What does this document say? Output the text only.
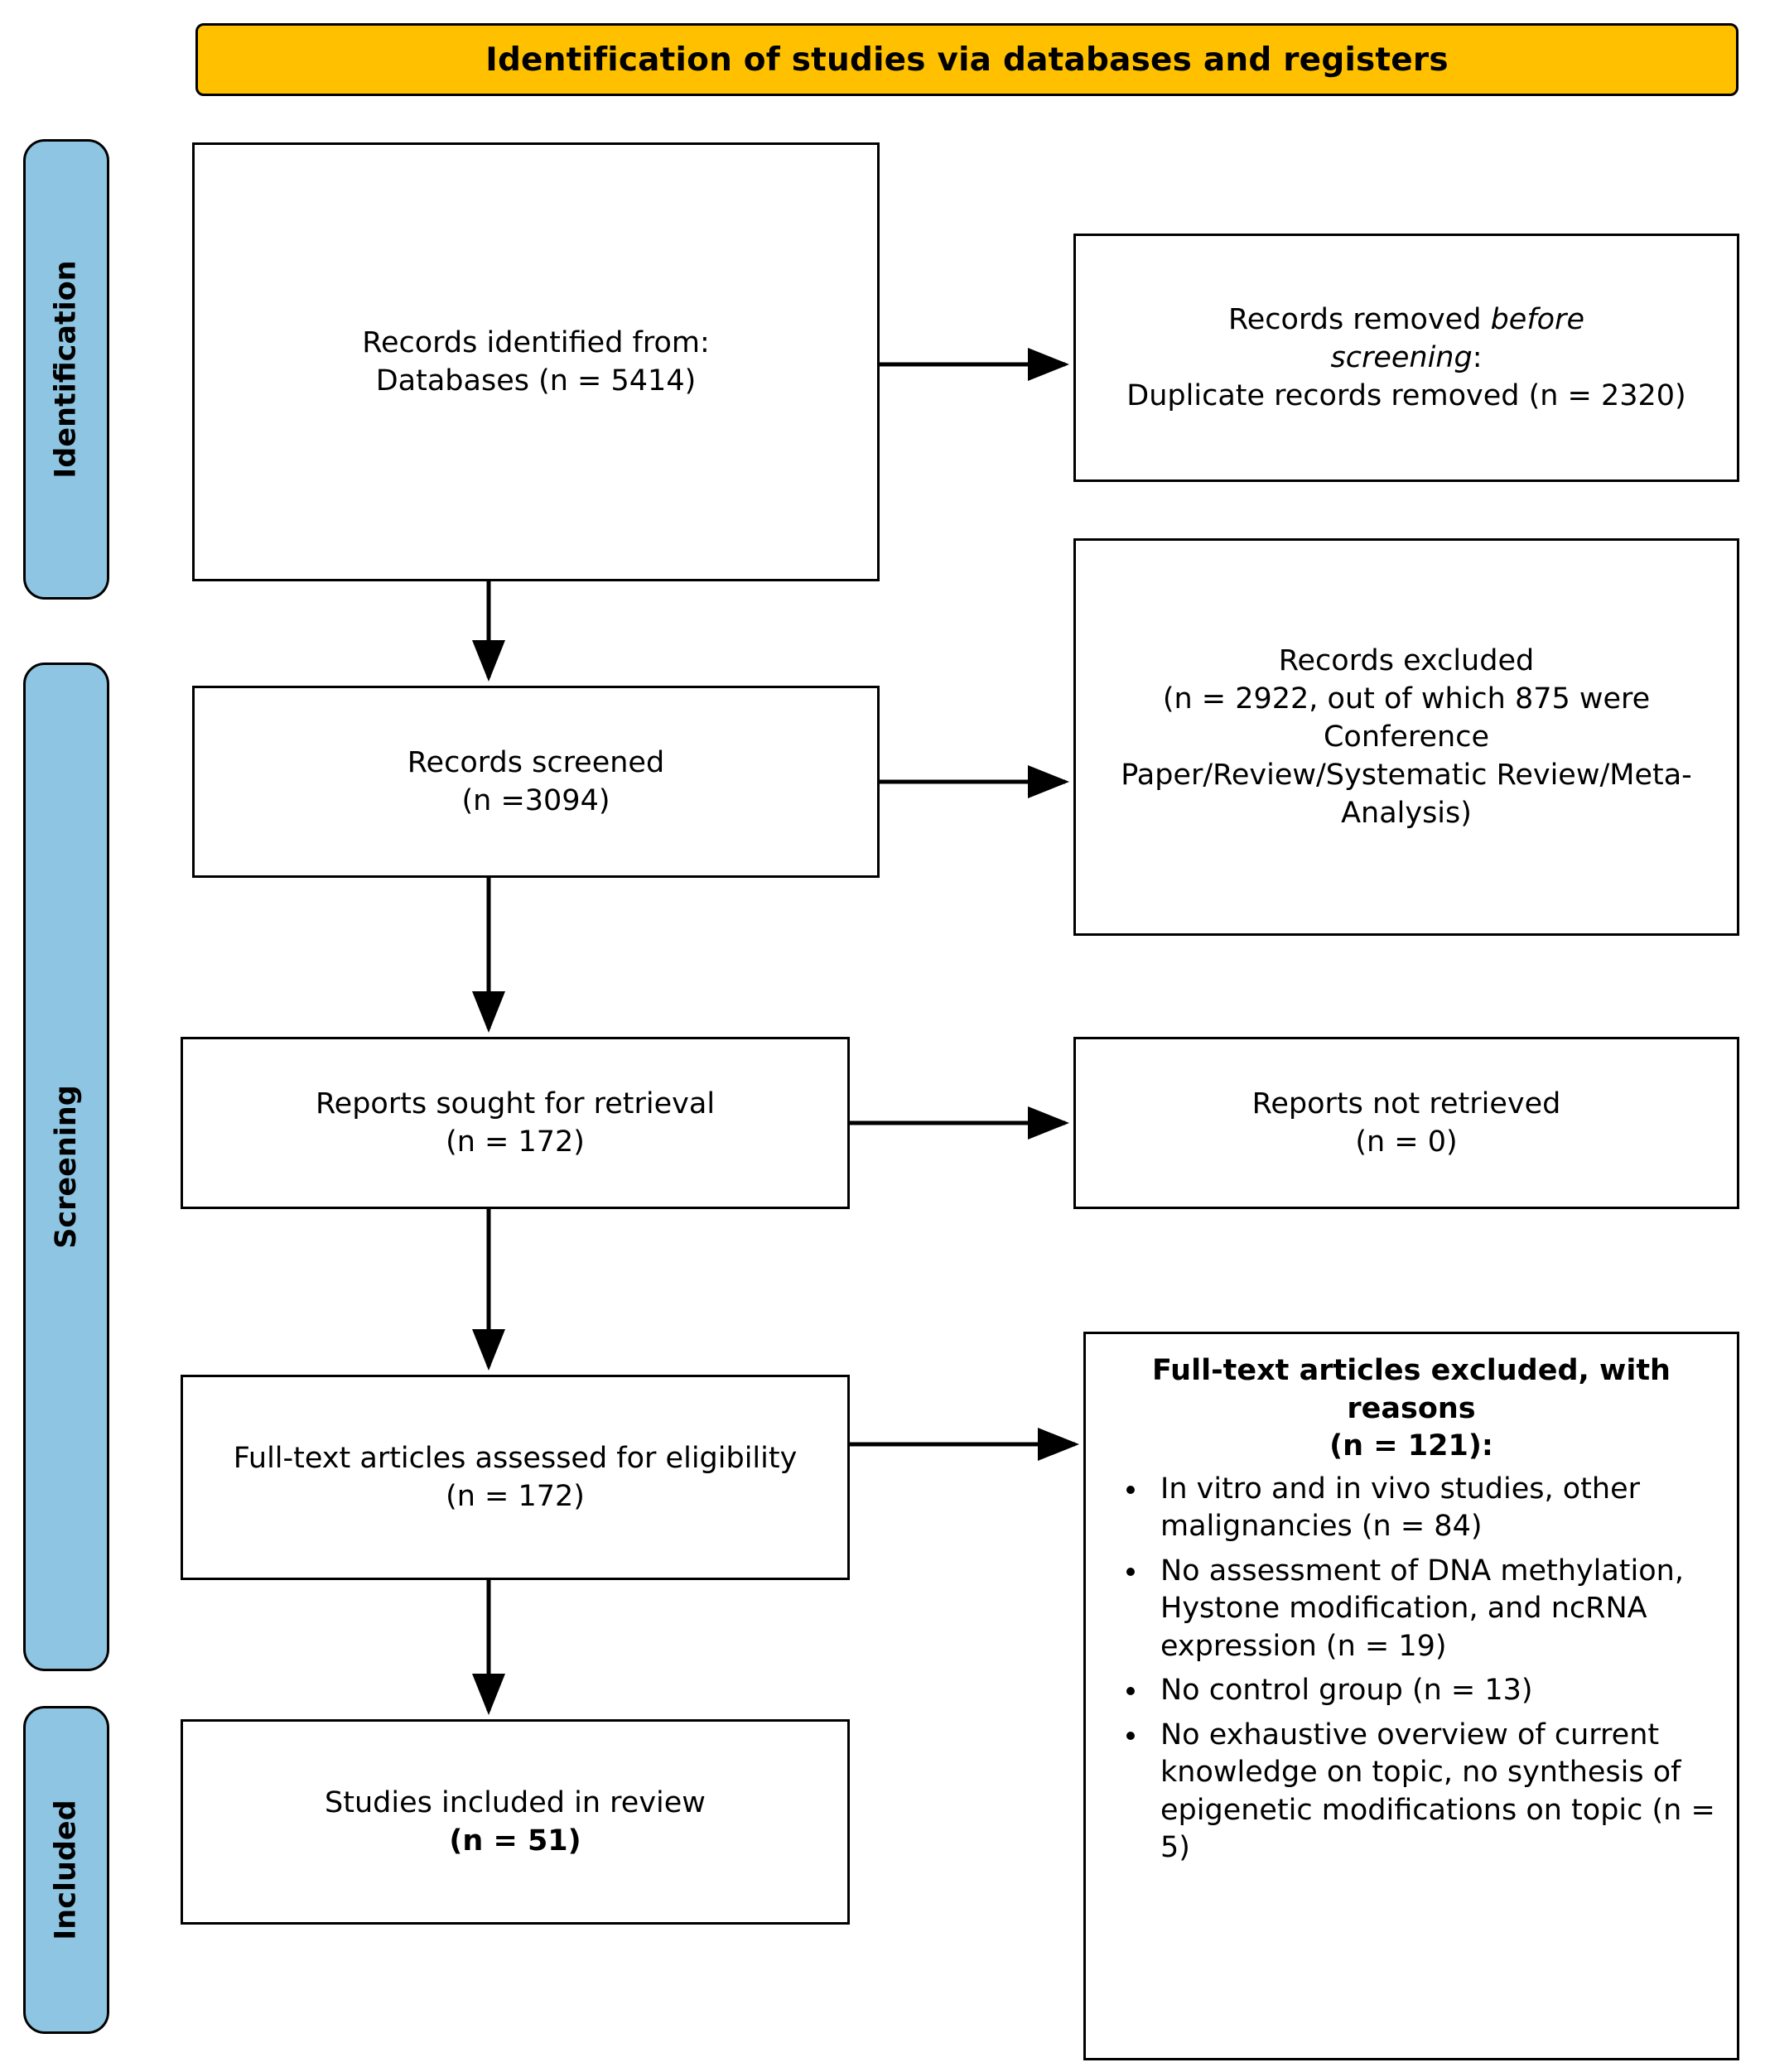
Identification of studies via databases and registers
Identification
Screening
Included
Records identified from:
Databases (n = 5414)
Records removed before
screening:
Duplicate records removed (n = 2320)
Records screened
(n =3094)
Records excluded
(n = 2922, out of which 875 were Conference
Paper/Review/Systematic Review/Meta-Analysis)
Reports sought for retrieval
(n = 172)
Reports not retrieved
(n = 0)
Full-text articles assessed for eligibility
(n = 172)
Full-text articles excluded, with reasons
(n = 121):
• In vitro and in vivo studies, other malignancies (n = 84)
• No assessment of DNA methylation, Hystone modification, and ncRNA expression (n = 19)
• No control group (n = 13)
• No exhaustive overview of current knowledge on topic, no synthesis of epigenetic modifications on topic (n = 5)
Studies included in review
(n = 51)
